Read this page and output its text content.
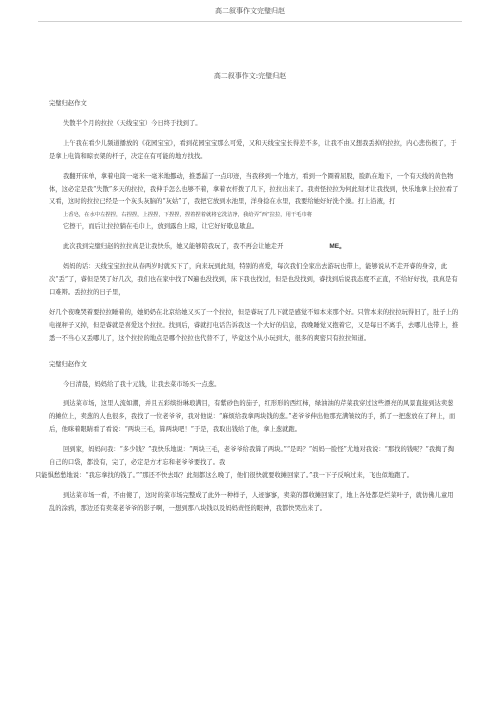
高二叙事作文完璧归赵
高二叙事作文:完璧归赵

完璧归赵作文

失散半个月的拉拉（天线宝宝）今日终于找到了。

上午我在看少儿频道播放的《花园宝宝》，看到花园宝宝那么可爱，又和天线宝宝长得差不多，让我不由又想我丢掉的拉拉，内心悲伤极了，于是拿上电筒和晾衣架的杆子，决定在有可能的地方找找。

我翻开床单，拿着电筒一毫米一毫米地挪动，推悉漏了一点印迹，当我移到一个地方，看到一个圈着屈股，脸趴在地下，一个有天线的黄色物体，这必定是我“失散”多天的拉拉，我伸手怎么也够不着，拿着衣杆拨了几下，拉拉出来了。我责怪拉拉为何此刻才让我找到，快乐地拿上拉拉看了又看，这时的拉拉已经是一个灰头灰脑的“灰姑”了，我把它放到水池里，洋身捻在水里，我要给她好好洗个澡。打上沿液，打
上香皂，在水中左捏捏，右捏捏，上捏捏，下捏捏，捏着捏着就将它洗洁净，我给弄“西”拉拉，用干毛巾将
它擦干，而后让拉拉躺在毛巾上，放到露台上晾，让它好好歇息歇息。

此次我到完璧归赵的拉拉真是让我快乐，她又能够陪我玩了，我不再会让她走开	ME。

妈妈的话：天线宝宝拉拉从春两岁时就买下了，向来玩到此刻，特别的喜爱，每次我们全家出去游玩也带上，能够说从不走开睿的身旁，此次“丢”了，睿但是哭了好几次，我们也在家中找了N遍也没找到，床下我也找过，但是也没找到，睿找到后说我态度不正直，不给好好找，我真是有口难辩。丢拉拉的日子里，

好几个夜晚哭着要拉拉睡着的，她奶奶在北京给她又买了一个拉拉，但是睿玩了几下就是感觉不如本来那个好。只管本来的拉拉玩得旧了，肚子上的电视秤子又掉，但是睿就是喜爱这个拉拉。找到后，睿就打电话告诉我这一个大好的信息，我晚睡觉又抱着它，又是每日不离手，去哪儿也带上，推悉一不当心又丢哪儿了，这个拉拉的地点是哪个拉拉也代替不了，毕竟这个从小玩到大，很多的爽密只有拉拉知道。

完璧归赵作文

今日清晨，妈妈给了我十元钱，让我去菜市场买一点葱。

到达菜市场，这里人流如潮，并且五彩缤纷琳琅满目，有紫砂色的茄子，红形形的西红柿，绿油油的芹菜我穿过这些漂亮的风景直接到达卖葱的摊位上，卖葱的人也很多，我找了一位老爷爷，我对他说：“麻烦给我拿两块钱的葱。”老爷爷伸出他那充满皱纹的手，抓了一把葱放在了秤上，而后，他咪着眼睛看了看说：“两块三毛，算两块吧！”于是，我取出钱给了他，拿上葱就跑。

回到家，妈妈问我：“多少钱？”我快乐地说：“两块三毛，老爷爷给我算了两块。”“是吗？”妈妈一脸怪”尤地对我说：“那找的钱呢？”我掏了掏自己的口袋，都没有，完了，必定是方才忘和老爷爷要找了。我
只能惧愁愁地说：“我忘拿找的钱了。”“那还不快去取？此刻都这么晚了，他们很快就要收摊回家了。”我一下子反响过来，飞也似地跑了。

到达菜市场一看，不由傻了，这时的菜市场完整成了此外一种样子，人迹寥寥，卖菜的都收摊回家了，地上各处都是烂菜叶子，就仿佛儿童用乱的涂鸦，那边还有卖菜老爷爷的影子啊，一想到那八块钱以及妈妈责怪的眼神，我都快哭出来了。
